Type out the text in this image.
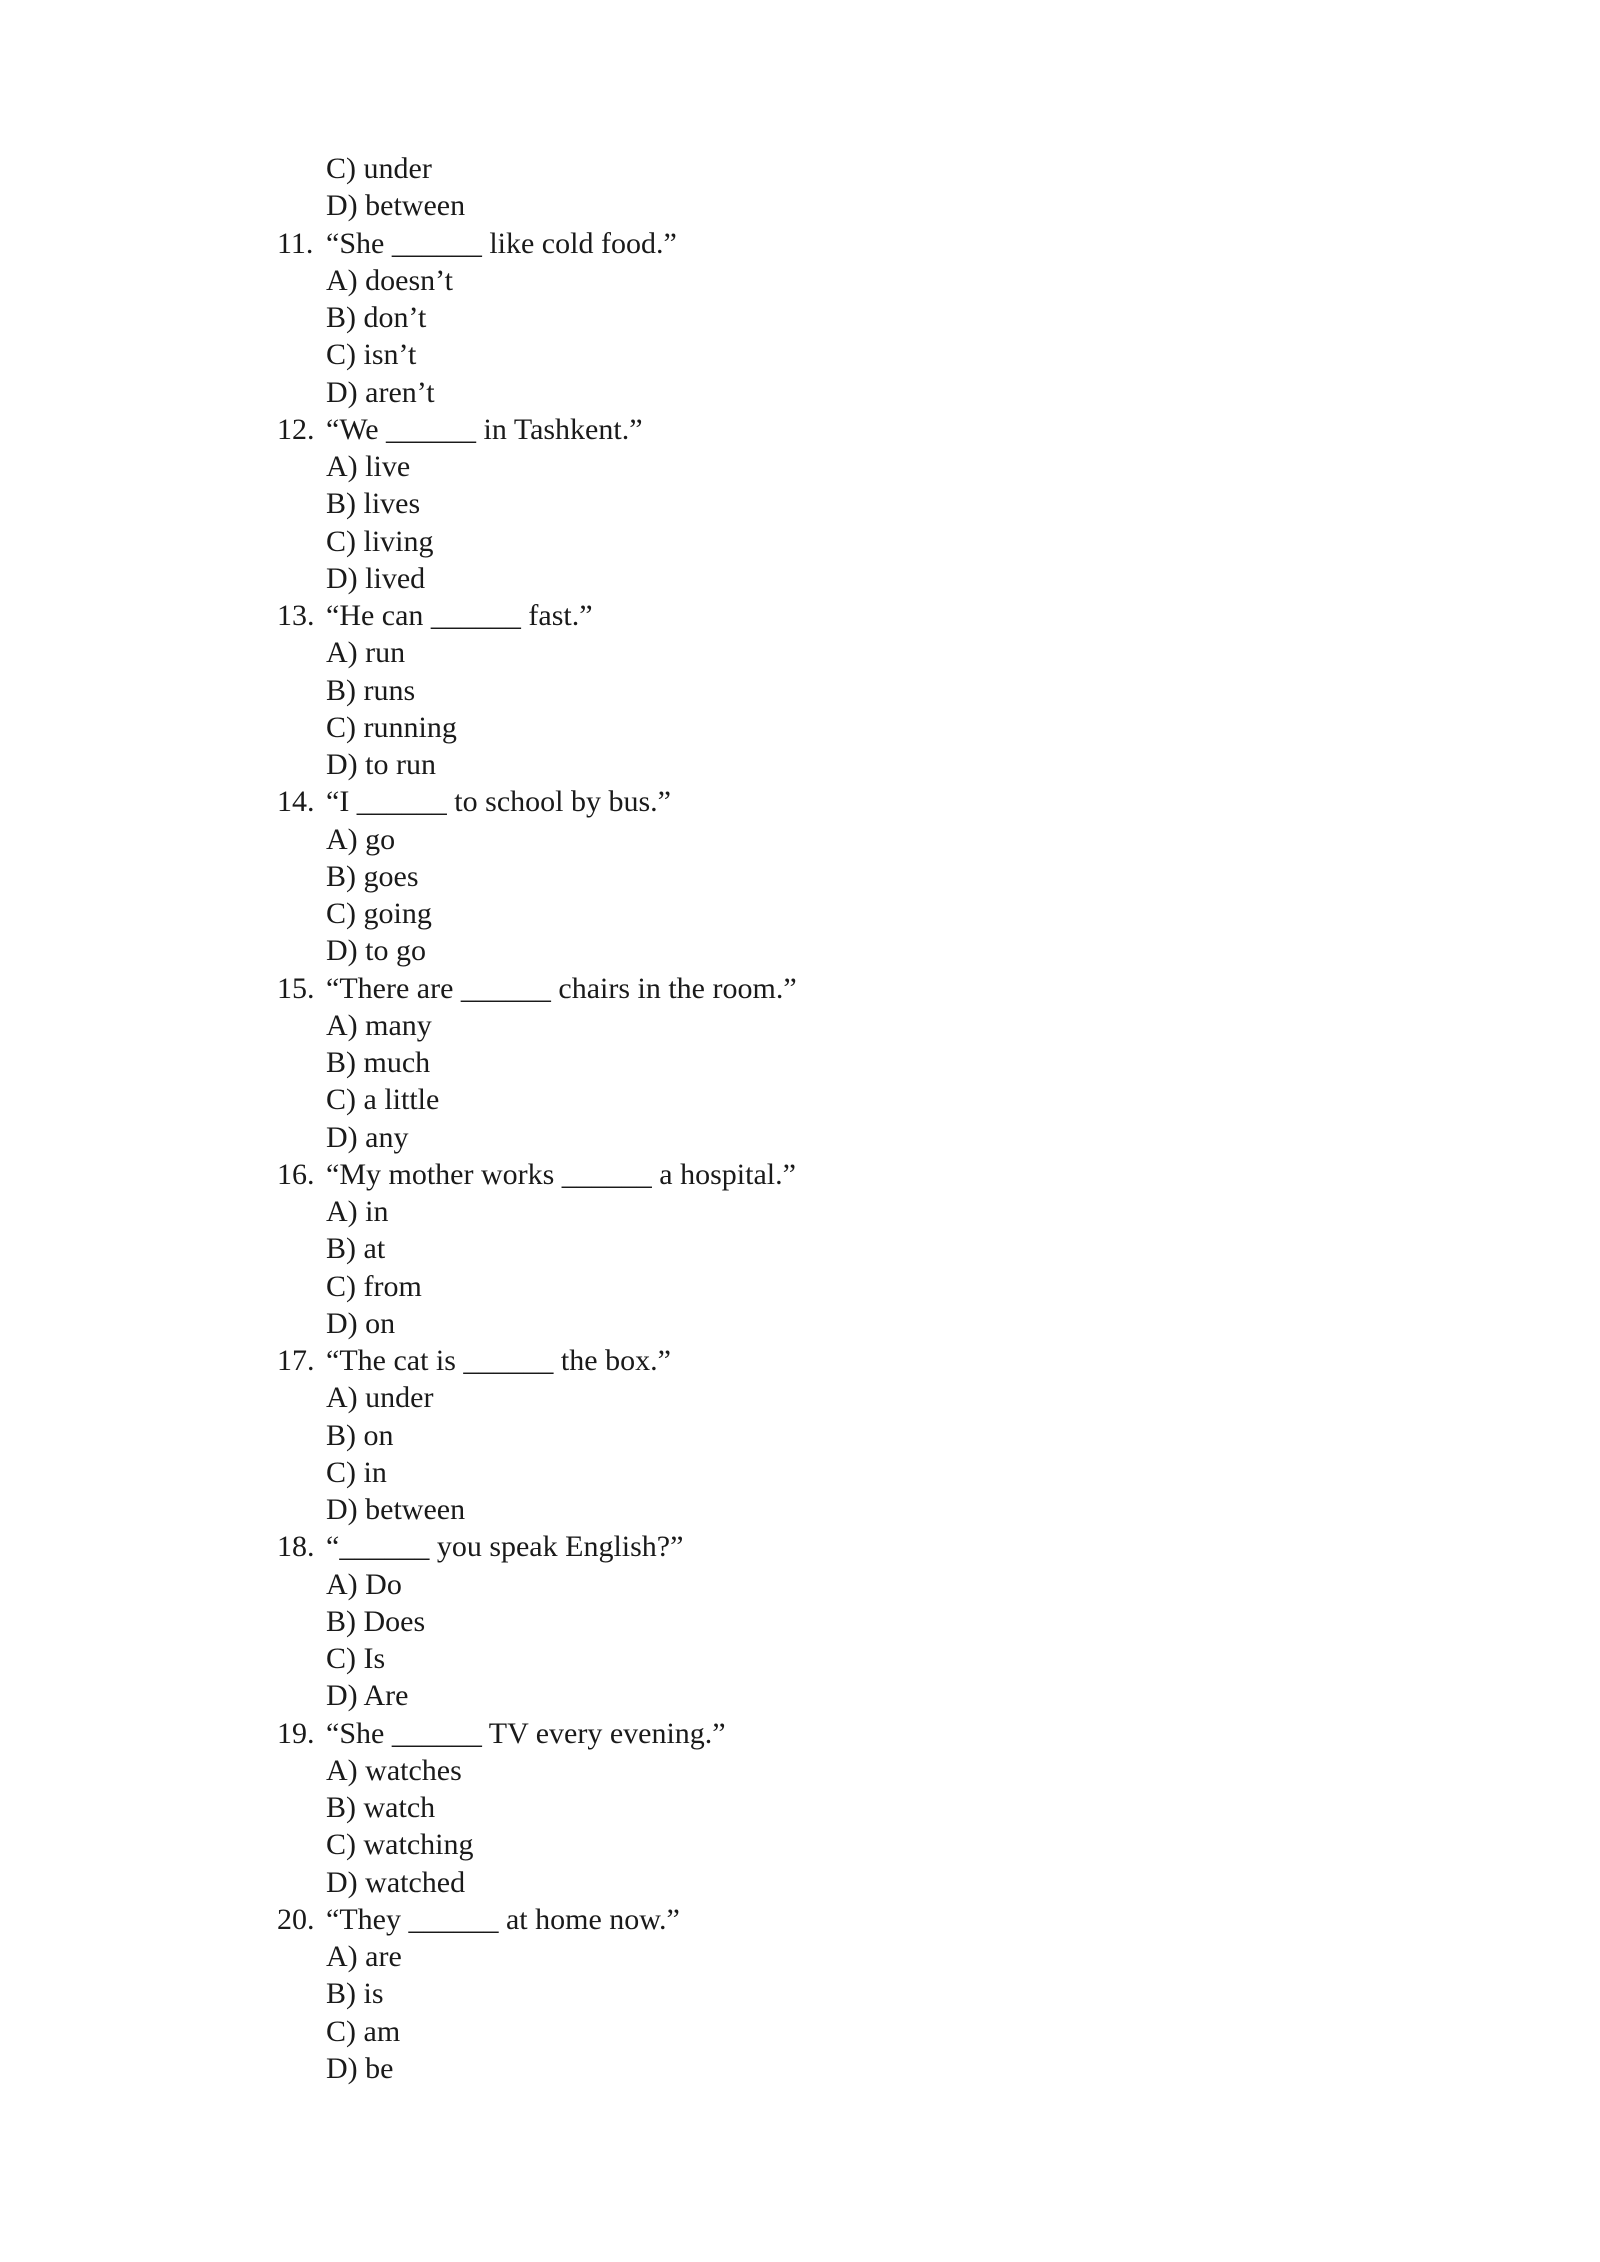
C) under
D) between
11. “She ______ like cold food.”
A) doesn’t
B) don’t
C) isn’t
D) aren’t
12. “We ______ in Tashkent.”
A) live
B) lives
C) living
D) lived
13. “He can ______ fast.”
A) run
B) runs
C) running
D) to run
14. “I ______ to school by bus.”
A) go
B) goes
C) going
D) to go
15. “There are ______ chairs in the room.”
A) many
B) much
C) a little
D) any
16. “My mother works ______ a hospital.”
A) in
B) at
C) from
D) on
17. “The cat is ______ the box.”
A) under
B) on
C) in
D) between
18. “______ you speak English?”
A) Do
B) Does
C) Is
D) Are
19. “She ______ TV every evening.”
A) watches
B) watch
C) watching
D) watched
20. “They ______ at home now.”
A) are
B) is
C) am
D) be
